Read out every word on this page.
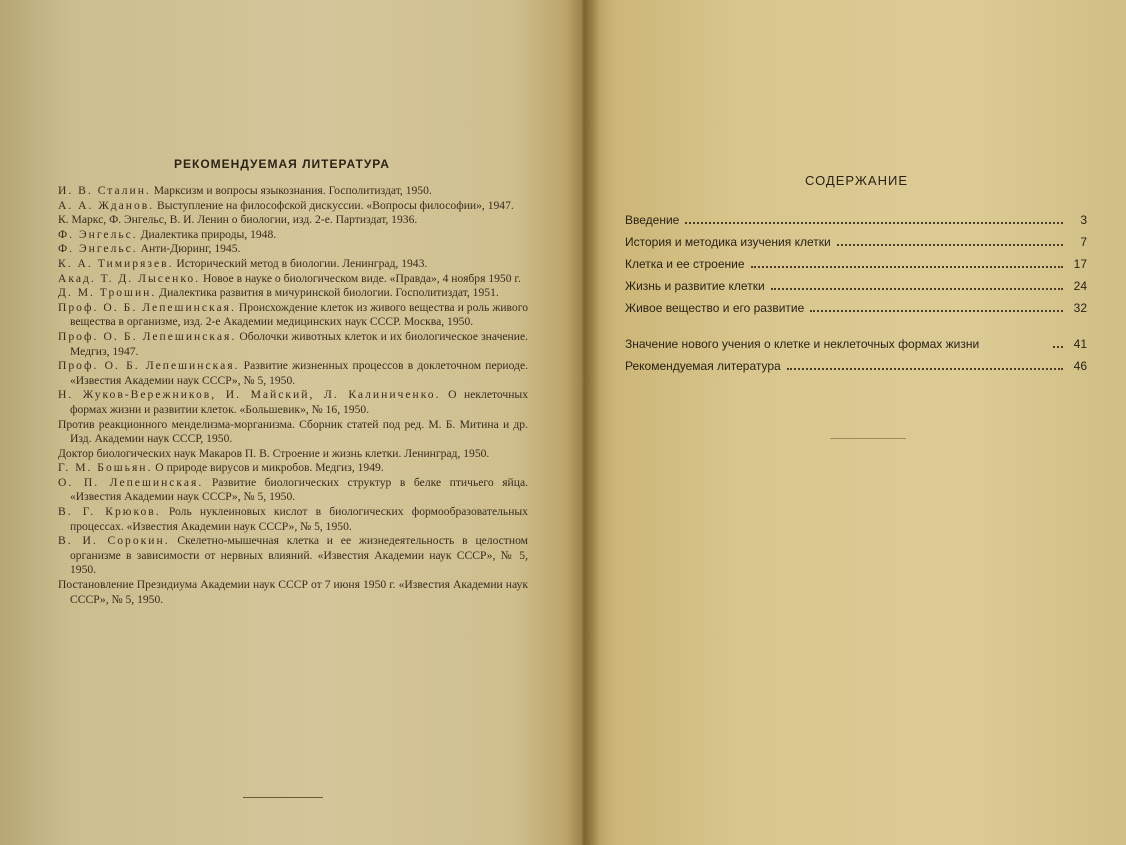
РЕКОМЕНДУЕМАЯ ЛИТЕРАТУРА
И. В. Сталин. Марксизм и вопросы языкознания. Госполитиздат, 1950.
А. А. Жданов. Выступление на философской дискуссии. «Вопросы философии», 1947.
К. Маркс, Ф. Энгельс, В. И. Ленин о биологии, изд. 2-е. Партиздат, 1936.
Ф. Энгельс. Диалектика природы, 1948.
Ф. Энгельс. Анти-Дюринг, 1945.
К. А. Тимирязев. Исторический метод в биологии. Ленинград, 1943.
Акад. Т. Д. Лысенко. Новое в науке о биологическом виде. «Правда», 4 ноября 1950 г.
Д. М. Трошин. Диалектика развития в мичуринской биологии. Госполитиздат, 1951.
Проф. О. Б. Лепешинская. Происхождение клеток из живого вещества и роль живого вещества в организме, изд. 2-е Академии медицинских наук СССР. Москва, 1950.
Проф. О. Б. Лепешинская. Оболочки животных клеток и их биологическое значение. Медгиз, 1947.
Проф. О. Б. Лепешинская. Развитие жизненных процессов в доклеточном периоде. «Известия Академии наук СССР», № 5, 1950.
Н. Жуков-Вережников, И. Майский, Л. Калиниченко. О неклеточных формах жизни и развитии клеток. «Большевик», № 16, 1950.
Против реакционного менделизма-морганизма. Сборник статей под ред. М. Б. Митина и др. Изд. Академии наук СССР, 1950.
Доктор биологических наук Макаров П. В. Строение и жизнь клетки. Ленинград, 1950.
Г. М. Бошьян. О природе вирусов и микробов. Медгиз, 1949.
О. П. Лепешинская. Развитие биологических структур в белке птичьего яйца. «Известия Академии наук СССР», № 5, 1950.
В. Г. Крюков. Роль нуклеиновых кислот в биологических формообразовательных процессах. «Известия Академии наук СССР», № 5, 1950.
В. И. Сорокин. Скелетно-мышечная клетка и ее жизнедеятельность в целостном организме в зависимости от нервных влияний. «Известия Академии наук СССР», № 5, 1950.
Постановление Президиума Академии наук СССР от 7 июня 1950 г. «Известия Академии наук СССР», № 5, 1950.
СОДЕРЖАНИЕ
Введение	3
История и методика изучения клетки	7
Клетка и ее строение	17
Жизнь и развитие клетки	24
Живое вещество и его развитие	32
Значение нового учения о клетке и неклеточных формах жизни	41
Рекомендуемая литература	46
